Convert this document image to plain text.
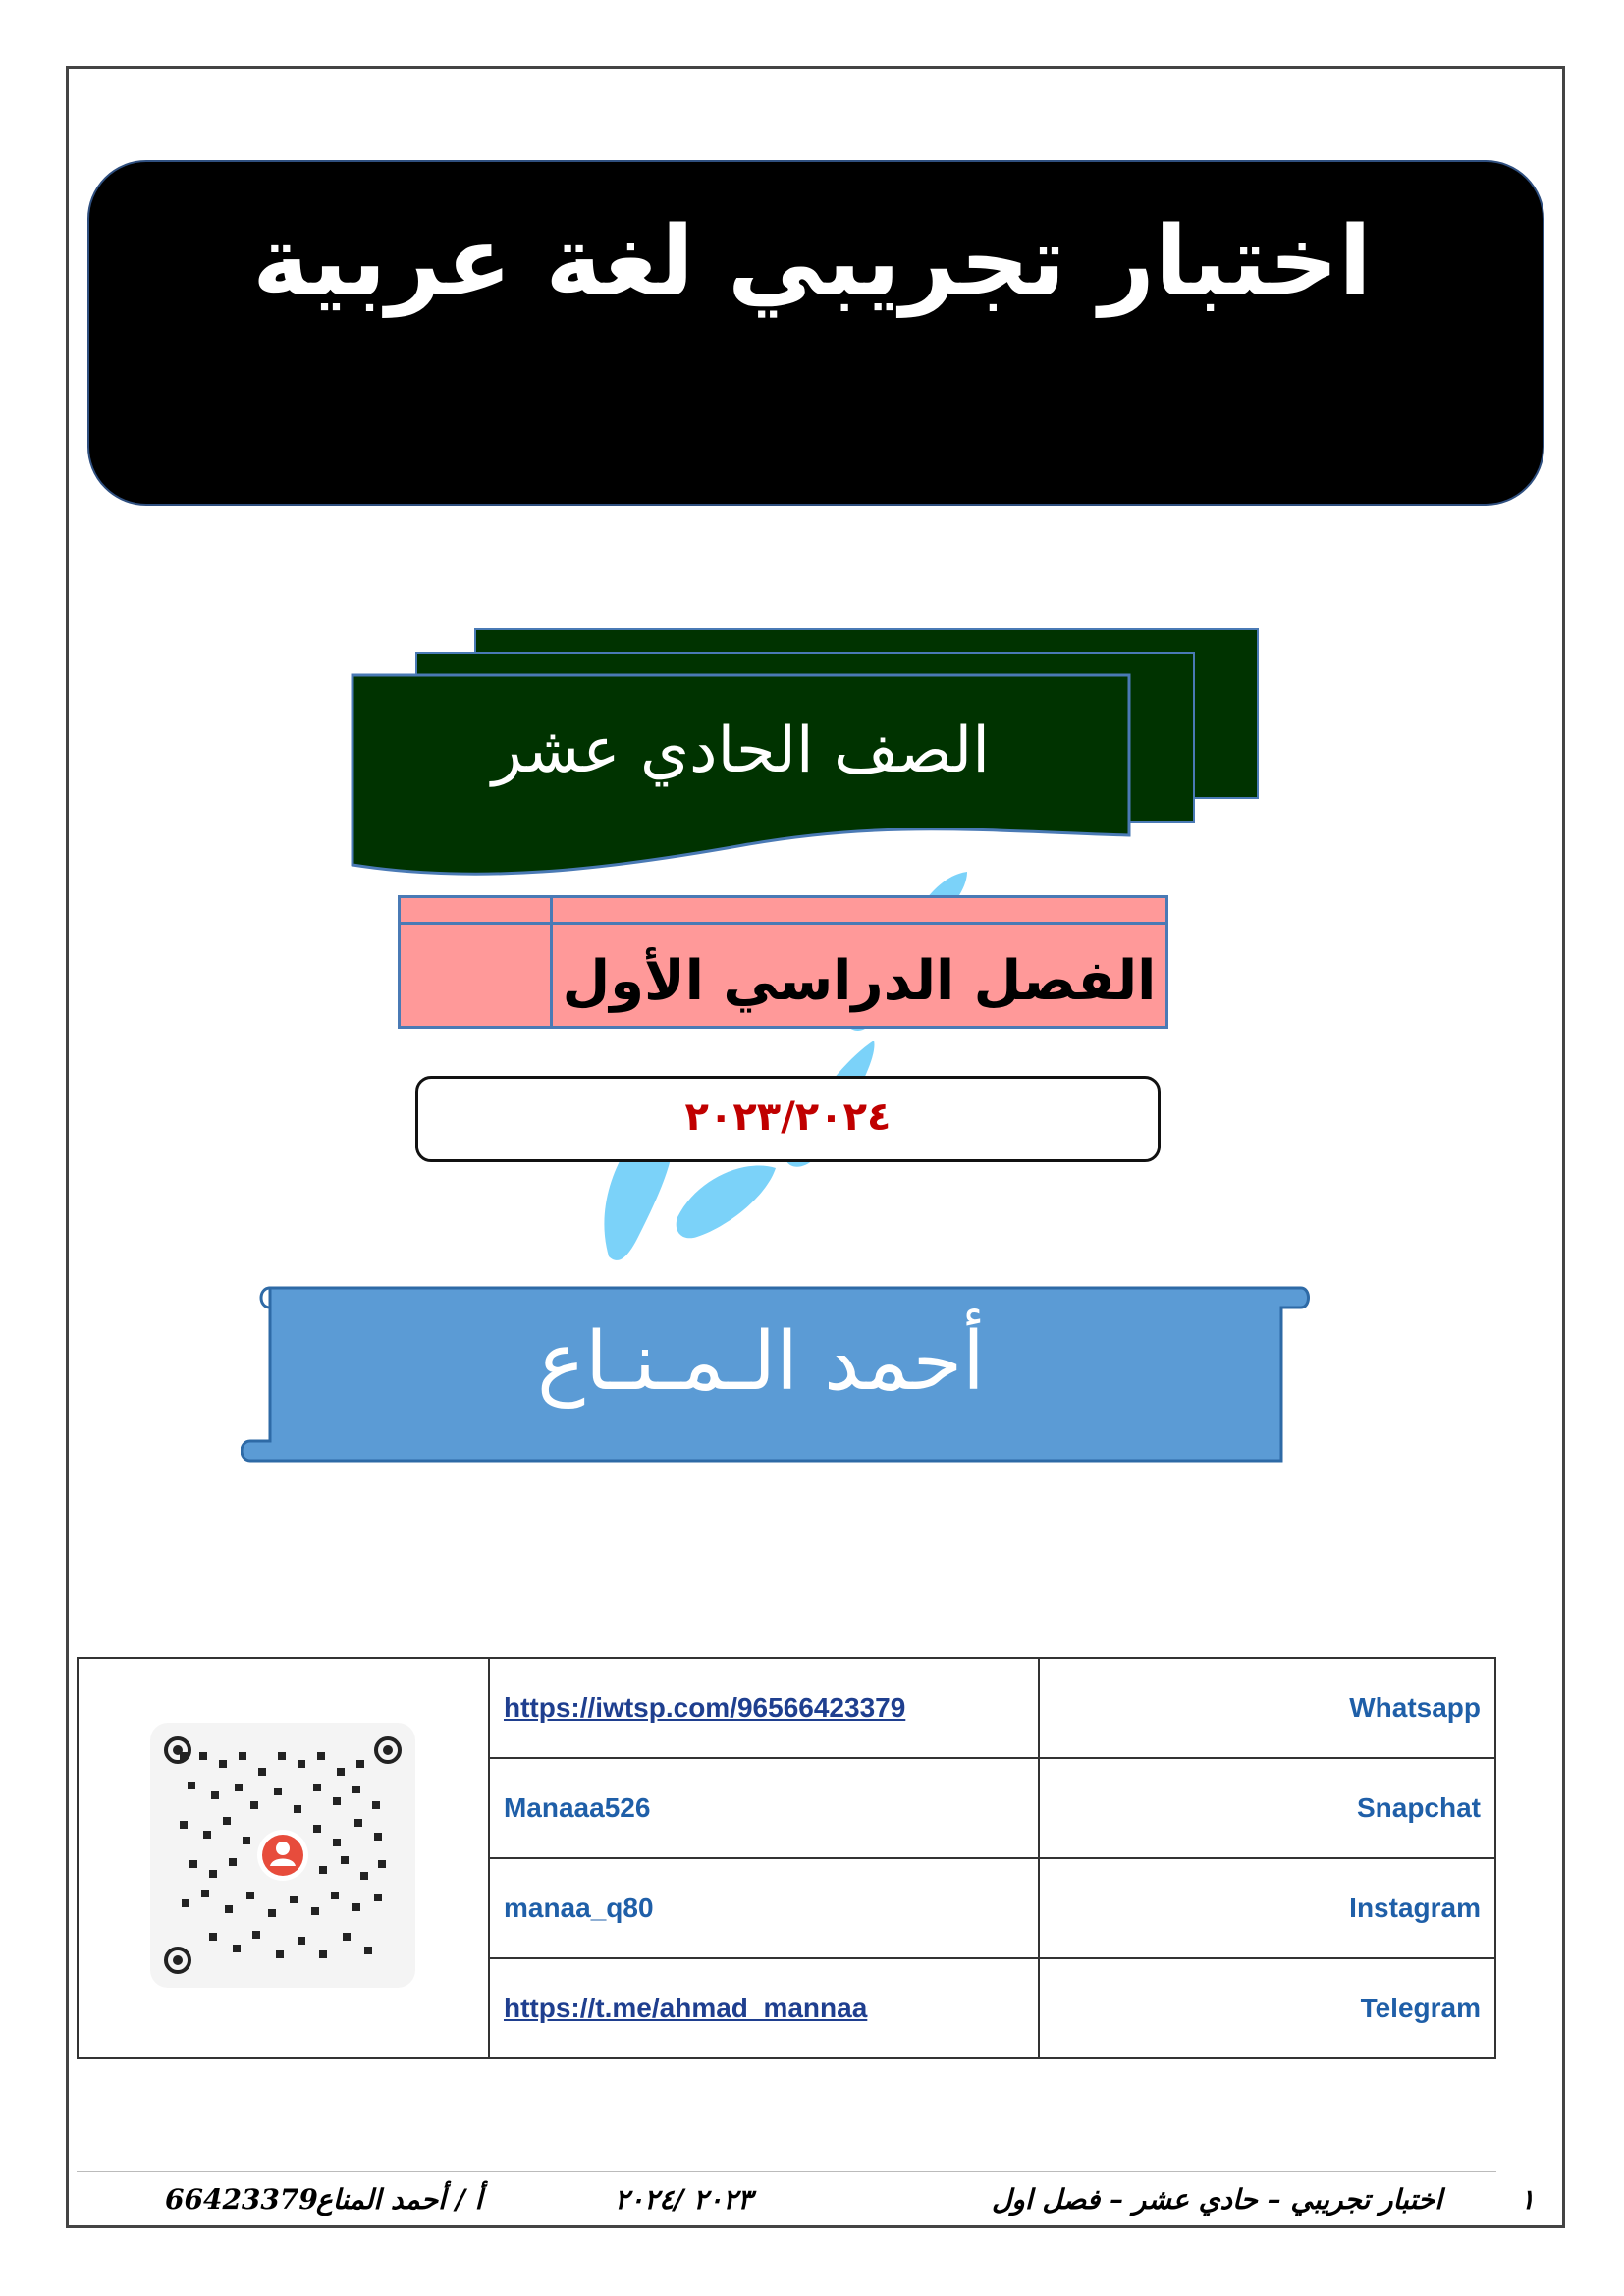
اختبار تجريبي لغة عربية
الصف الحادي عشر
الفصل الدراسي الأول
٢٠٢٣/٢٠٢٤
أحمد الـمـنـاع
	https://iwtsp.com/96566423379	Whatsapp
	Manaaa526	Snapchat
	manaa_q80	Instagram
	https://t.me/ahmad_mannaa	Telegram
١
اختبار تجريبي – حادي عشر – فصل اول
٢٠٢٣ /٢٠٢٤
أ / أحمد المناع
66423379
